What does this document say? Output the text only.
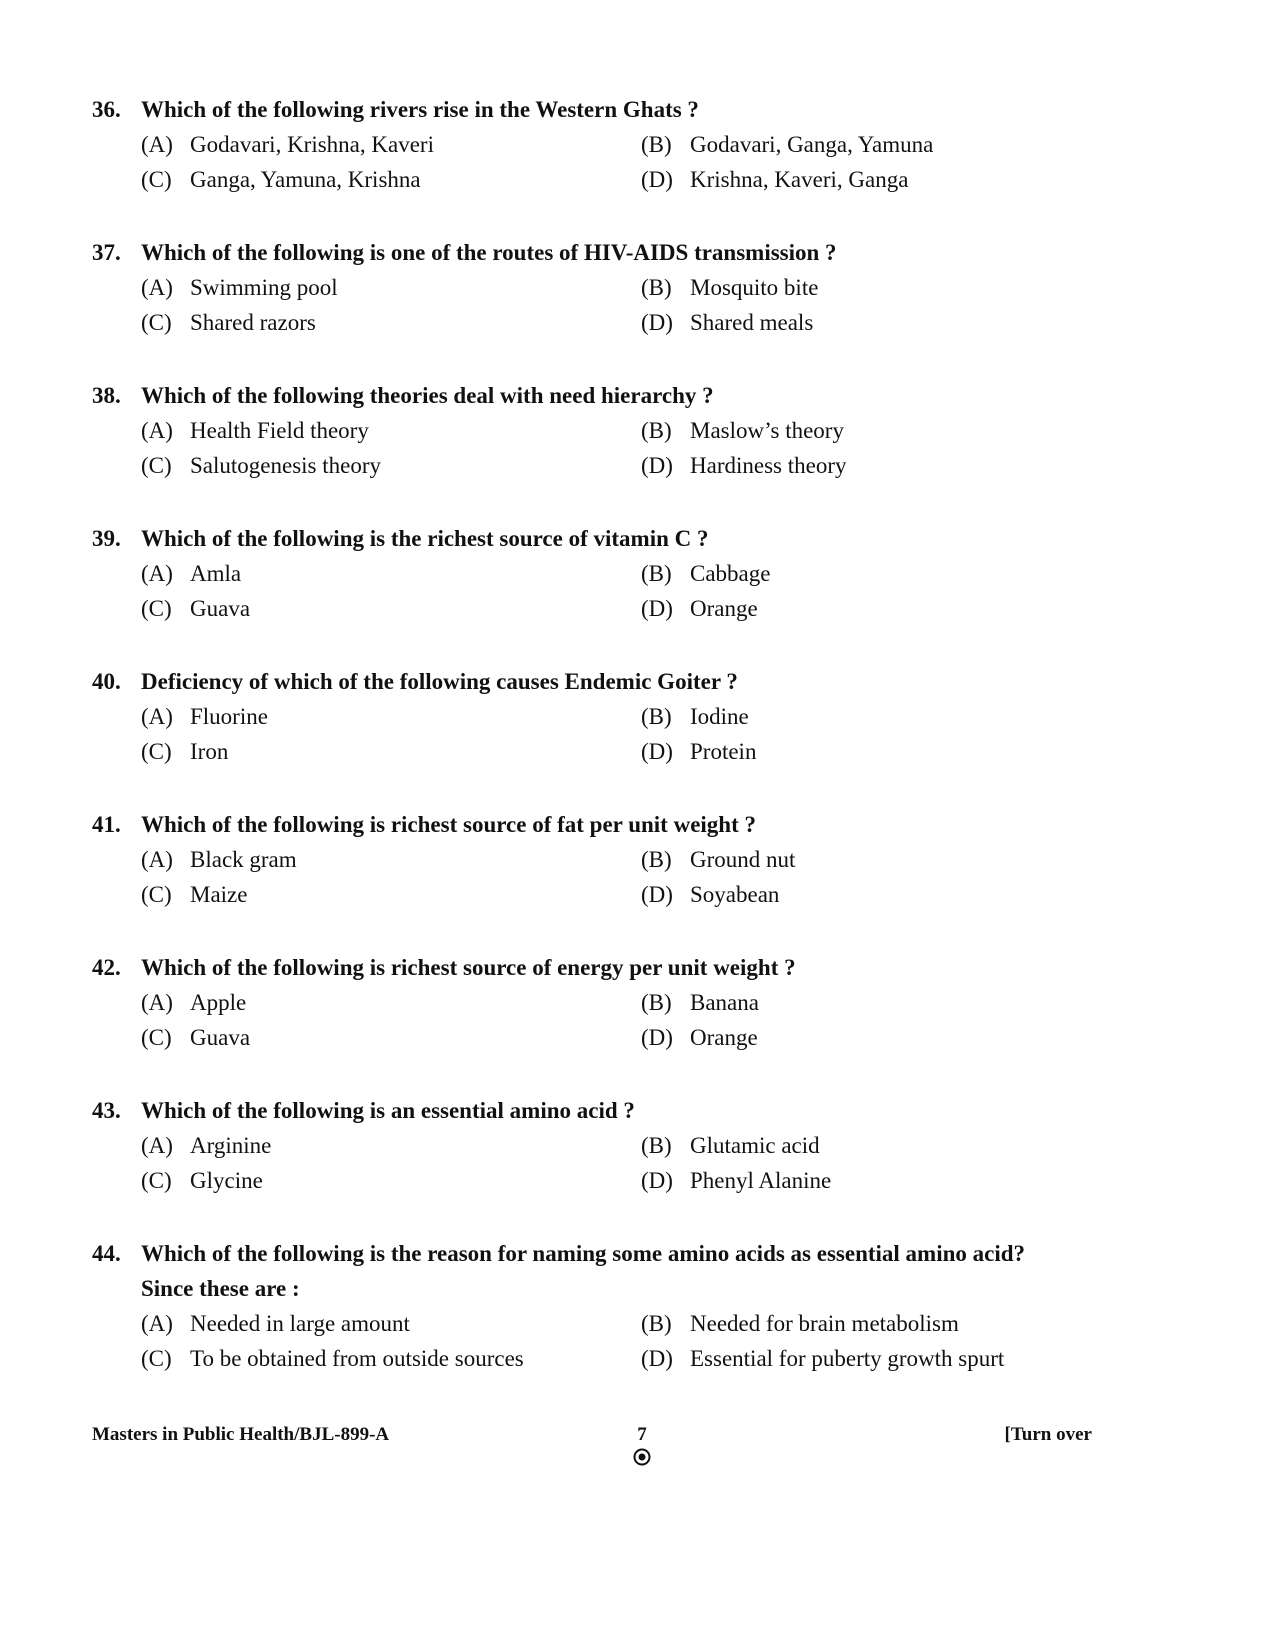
36. Which of the following rivers rise in the Western Ghats ?
(A) Godavari, Krishna, Kaveri	(B) Godavari, Ganga, Yamuna
(C) Ganga, Yamuna, Krishna	(D) Krishna, Kaveri, Ganga
37. Which of the following is one of the routes of HIV-AIDS transmission ?
(A) Swimming pool	(B) Mosquito bite
(C) Shared razors	(D) Shared meals
38. Which of the following theories deal with need hierarchy ?
(A) Health Field theory	(B) Maslow’s theory
(C) Salutogenesis theory	(D) Hardiness theory
39. Which of the following is the richest source of vitamin C ?
(A) Amla	(B) Cabbage
(C) Guava	(D) Orange
40. Deficiency of which of the following causes Endemic Goiter ?
(A) Fluorine	(B) Iodine
(C) Iron	(D) Protein
41. Which of the following is richest source of fat per unit weight ?
(A) Black gram	(B) Ground nut
(C) Maize	(D) Soyabean
42. Which of the following is richest source of energy per unit weight ?
(A) Apple	(B) Banana
(C) Guava	(D) Orange
43. Which of the following is an essential amino acid ?
(A) Arginine	(B) Glutamic acid
(C) Glycine	(D) Phenyl Alanine
44. Which of the following is the reason for naming some amino acids as essential amino acid?
Since these are :
(A) Needed in large amount	(B) Needed for brain metabolism
(C) To be obtained from outside sources	(D) Essential for puberty growth spurt
Masters in Public Health/BJL-899-A	7	[Turn over
